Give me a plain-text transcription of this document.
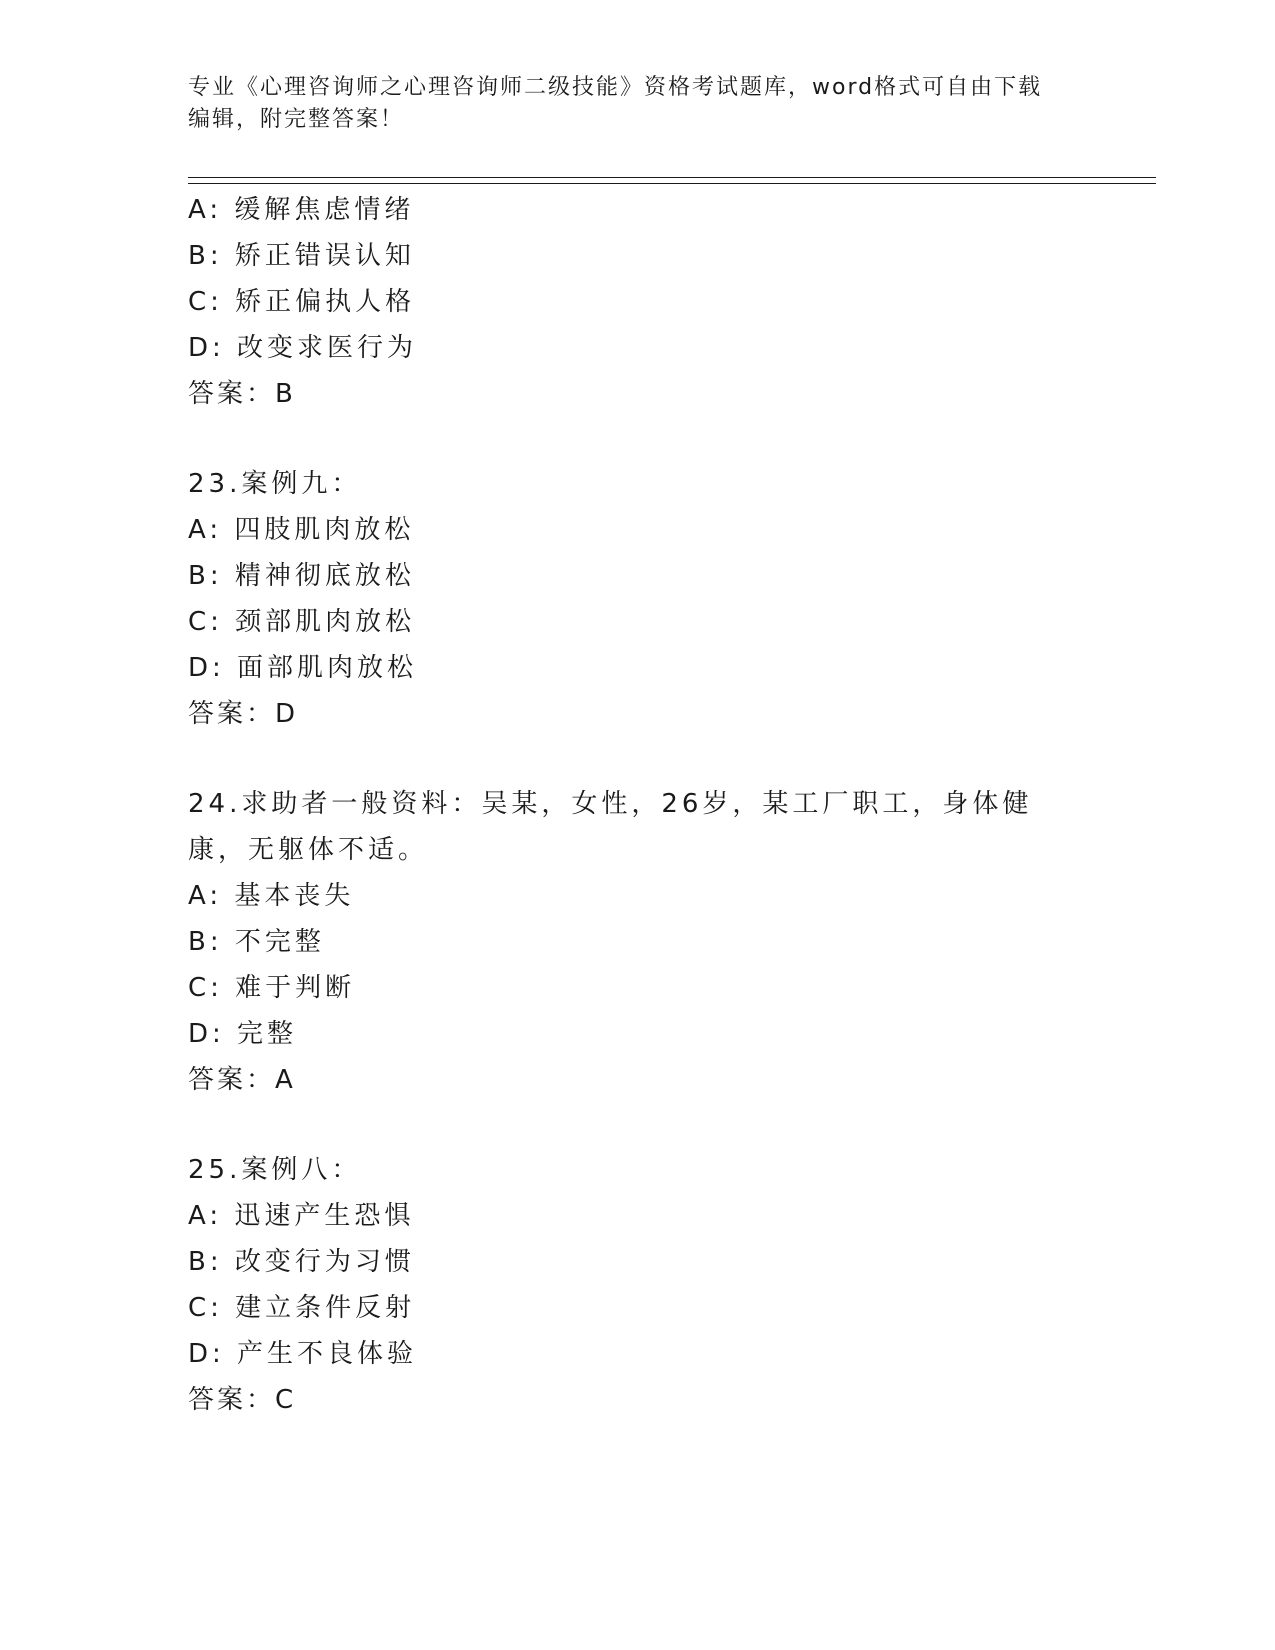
专业《心理咨询师之心理咨询师二级技能》资格考试题库，word格式可自由下载
编辑，附完整答案！
A: 缓解焦虑情绪
B: 矫正错误认知
C: 矫正偏执人格
D: 改变求医行为
答案：B
23.案例九：
A: 四肢肌肉放松
B: 精神彻底放松
C: 颈部肌肉放松
D: 面部肌肉放松
答案：D
24.求助者一般资料：吴某，女性，26岁，某工厂职工，身体健康，无躯体不适。
A: 基本丧失
B: 不完整
C: 难于判断
D: 完整
答案：A
25.案例八：
A: 迅速产生恐惧
B: 改变行为习惯
C: 建立条件反射
D: 产生不良体验
答案：C
